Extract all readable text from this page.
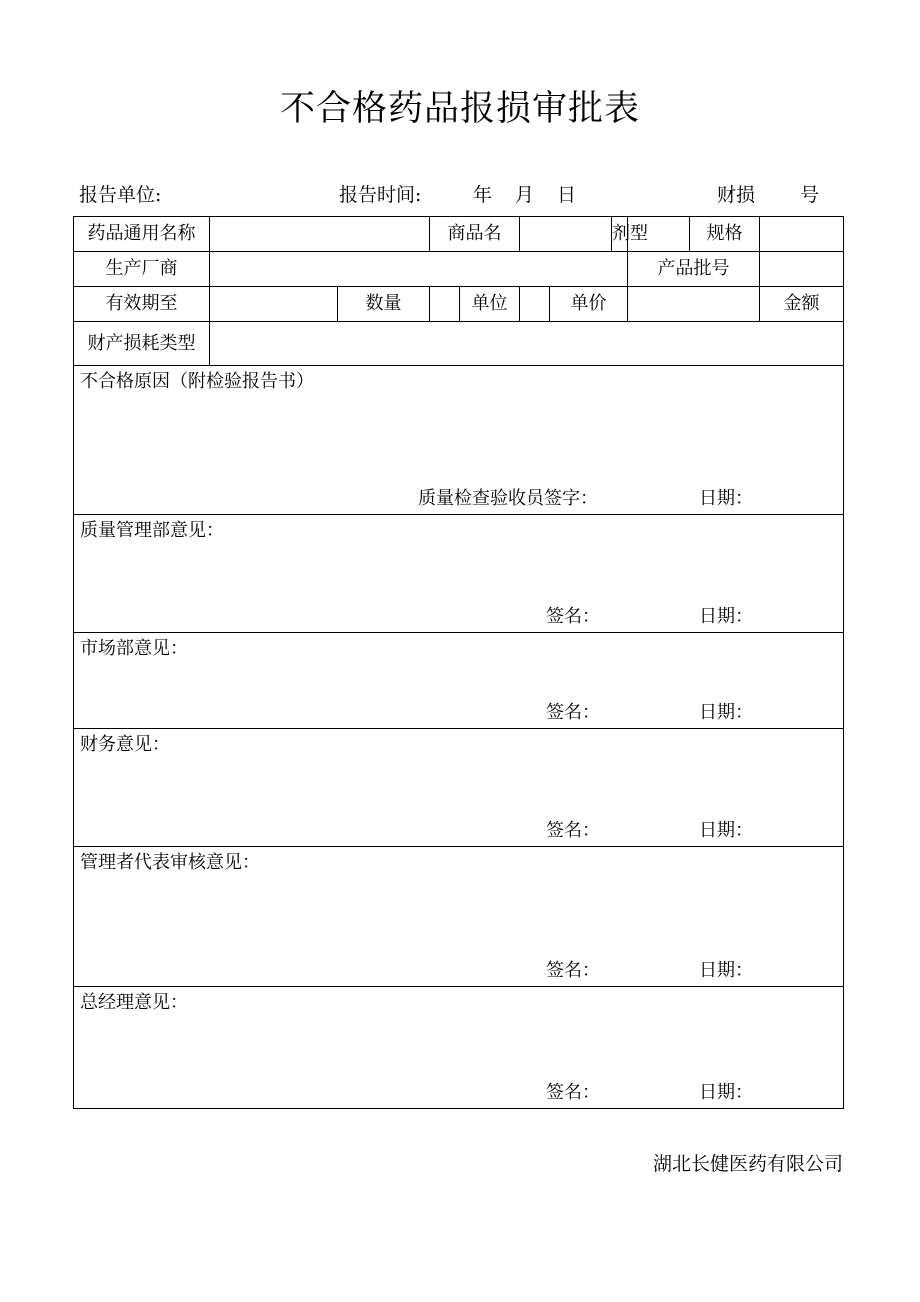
不合格药品报损审批表
报告单位:	报告时间:	年 月 日	财损 号
药品通用名称			商品名				剂型		规格		
生产厂商								产品批号			
有效期至		数量		单位		单价				金额	
财产损耗类型											

不合格原因（附检验报告书）
质量检查验收员签字： 日期：											

质量管理部意见：
签名： 日期：											

市场部意见：
签名： 日期：											

财务意见：
签名： 日期：											

管理者代表审核意见：
签名： 日期：											

总经理意见：
签名： 日期：											
湖北长健医药有限公司
